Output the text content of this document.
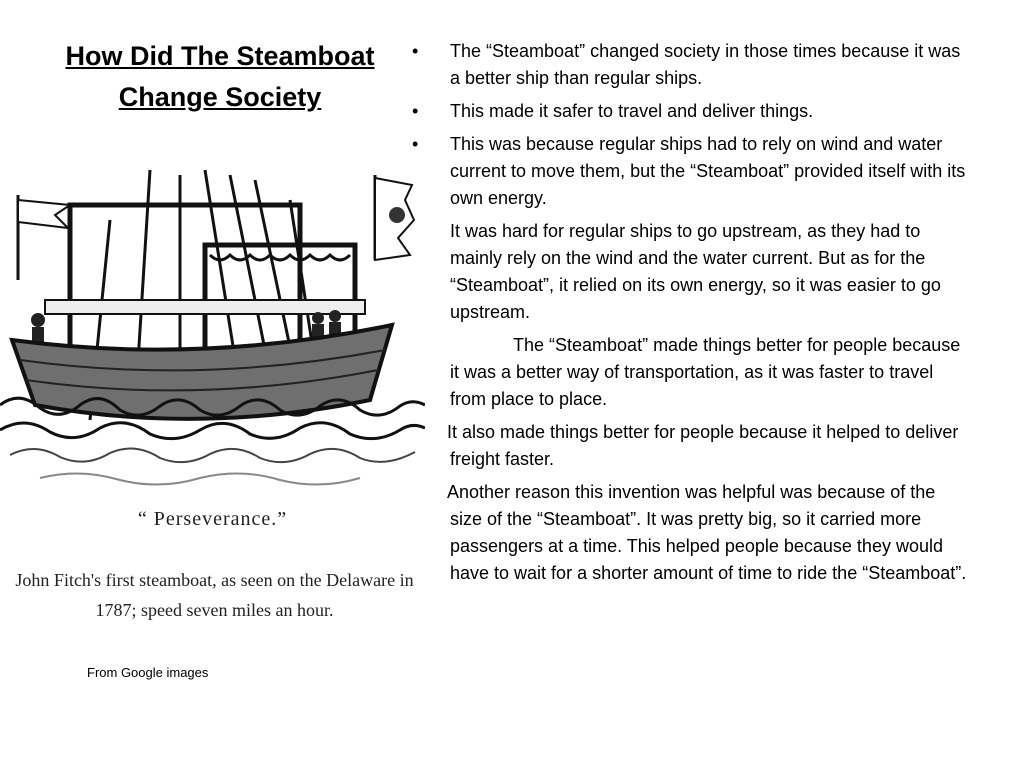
How Did The Steamboat Change Society
“ Perseverance.”
John Fitch's first steamboat, as seen on the Delaware in 1787; speed seven miles an hour.
From Google images

• The “Steamboat” changed society in those times because it was a better ship than regular ships.

• This made it safer to travel and deliver things.

• This was because regular ships had to rely on wind and water current to move them, but the “Steamboat” provided itself with its own energy.

It was hard for regular ships to go upstream, as they had to mainly rely on the wind and the water current. But as for the “Steamboat”, it relied on its own energy, so it was easier to go upstream.

The “Steamboat” made things better for people because it was a better way of transportation, as it was faster to travel from place to place.

It also made things better for people because it helped to deliver freight faster.

Another reason this invention was helpful was because of the size of the “Steamboat”. It was pretty big, so it carried more passengers at a time. This helped people because they would have to wait for a shorter amount of time to ride the “Steamboat”.
